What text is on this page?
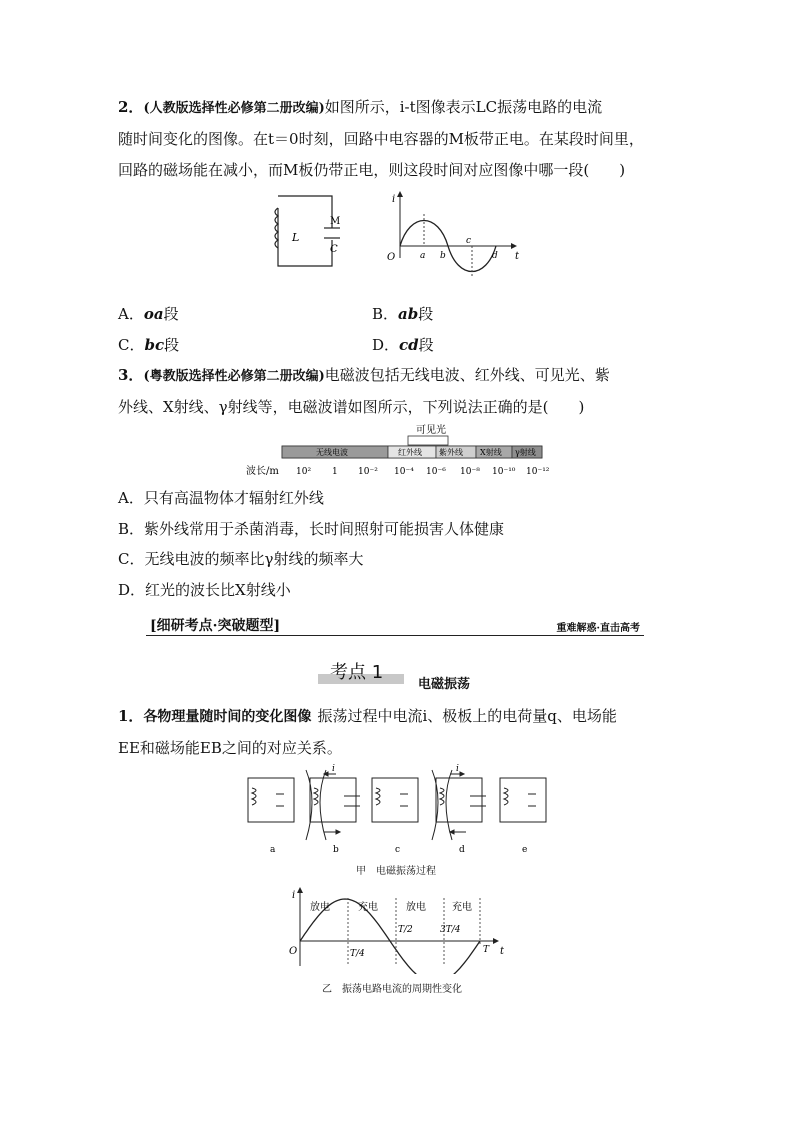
2．(人教版选择性必修第二册改编)如图所示，i-t图像表示LC振荡电路的电流
随时间变化的图像。在t＝0时刻，回路中电容器的M板带正电。在某段时间里，
回路的磁场能在减小，而M板仍带正电，则这段时间对应图像中哪一段(　　)
L
M
C
i
t
O	a b
c
d
A．oa段	B．ab段
C．bc段	D．cd段
3．(粤教版选择性必修第二册改编)电磁波包括无线电波、红外线、可见光、紫
外线、X射线、γ射线等，电磁波谱如图所示，下列说法正确的是(　　)
可见光
无线电波	红外线 紫外线 X射线 γ射线
波长/m 10² 1 10⁻² 10⁻⁴ 10⁻⁶ 10⁻⁸ 10⁻¹⁰ 10⁻¹²
A．只有高温物体才辐射红外线
B．紫外线常用于杀菌消毒，长时间照射可能损害人体健康
C．无线电波的频率比γ射线的频率大
D．红光的波长比X射线小
[细研考点·突破题型]	重难解惑·直击高考
考点 1
电磁振荡
1．各物理量随时间的变化图像 振荡过程中电流i、极板上的电荷量q、电场能
EE和磁场能EB之间的对应关系。
i	i
a	b	c	d	e
甲　电磁振荡过程
i
t
O
放电	充电	放电	充电
T/4
T/2	3T/4
T
乙　振荡电路电流的周期性变化
